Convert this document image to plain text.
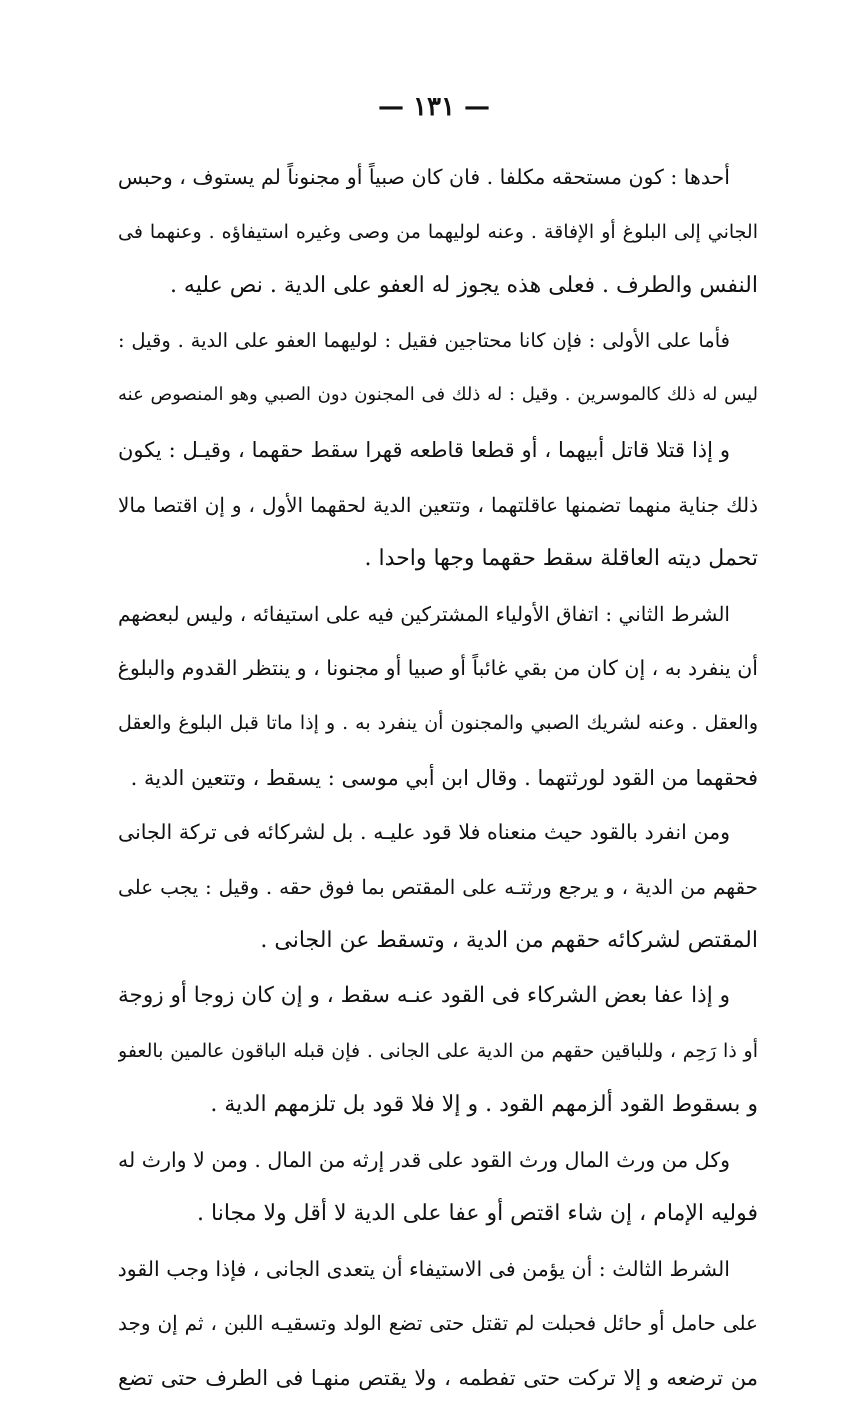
— ١٣١ —
أحدها : كون مستحقه مكلفا . فان كان صبياً أو مجنوناً لم يستوف ، وحبس
الجاني إلى البلوغ أو الإفاقة . وعنه لوليهما من وصى وغيره استيفاؤه . وعنهما فى
النفس والطرف . فعلى هذه يجوز له العفو على الدية . نص عليه .
فأما على الأولى : فإن كانا محتاجين فقيل : لوليهما العفو على الدية . وقيل :
ليس له ذلك كالموسرين . وقيل : له ذلك فى المجنون دون الصبي وهو المنصوص عنه
و إذا قتلا قاتل أبيهما ، أو قطعا قاطعه قهرا سقط حقهما ، وقيـل : يكون
ذلك جناية منهما تضمنها عاقلتهما ، وتتعين الدية لحقهما الأول ، و إن اقتصا مالا
تحمل ديته العاقلة سقط حقهما وجها واحدا .
الشرط الثاني : اتفاق الأولياء المشتركين فيه على استيفائه ، وليس لبعضهم
أن ينفرد به ، إن كان من بقي غائباً أو صبيا أو مجنونا ، و ينتظر القدوم والبلوغ
والعقل . وعنه لشريك الصبي والمجنون أن ينفرد به . و إذا ماتا قبل البلوغ والعقل
فحقهما من القود لورثتهما . وقال ابن أبي موسى : يسقط ، وتتعين الدية .
ومن انفرد بالقود حيث منعناه فلا قود عليـه . بل لشركائه فى تركة الجانى
حقهم من الدية ، و يرجع ورثتـه على المقتص بما فوق حقه . وقيل : يجب على
المقتص لشركائه حقهم من الدية ، وتسقط عن الجانى .
و إذا عفا بعض الشركاء فى القود عنـه سقط ، و إن كان زوجا أو زوجة
أو ذا رَحِم ، وللباقين حقهم من الدية على الجانى . فإن قبله الباقون عالمين بالعفو
و بسقوط القود ألزمهم القود . و إلا فلا قود بل تلزمهم الدية .
وكل من ورث المال ورث القود على قدر إرثه من المال . ومن لا وارث له
فوليه الإمام ، إن شاء اقتص أو عفا على الدية لا أقل ولا مجانا .
الشرط الثالث : أن يؤمن فى الاستيفاء أن يتعدى الجانى ، فإذا وجب القود
على حامل أو حائل فحبلت لم تقتل حتى تضع الولد وتسقيـه اللبن ، ثم إن وجد
من ترضعه و إلا تركت حتى تفطمه ، ولا يقتص منهـا فى الطرف حتى تضع
